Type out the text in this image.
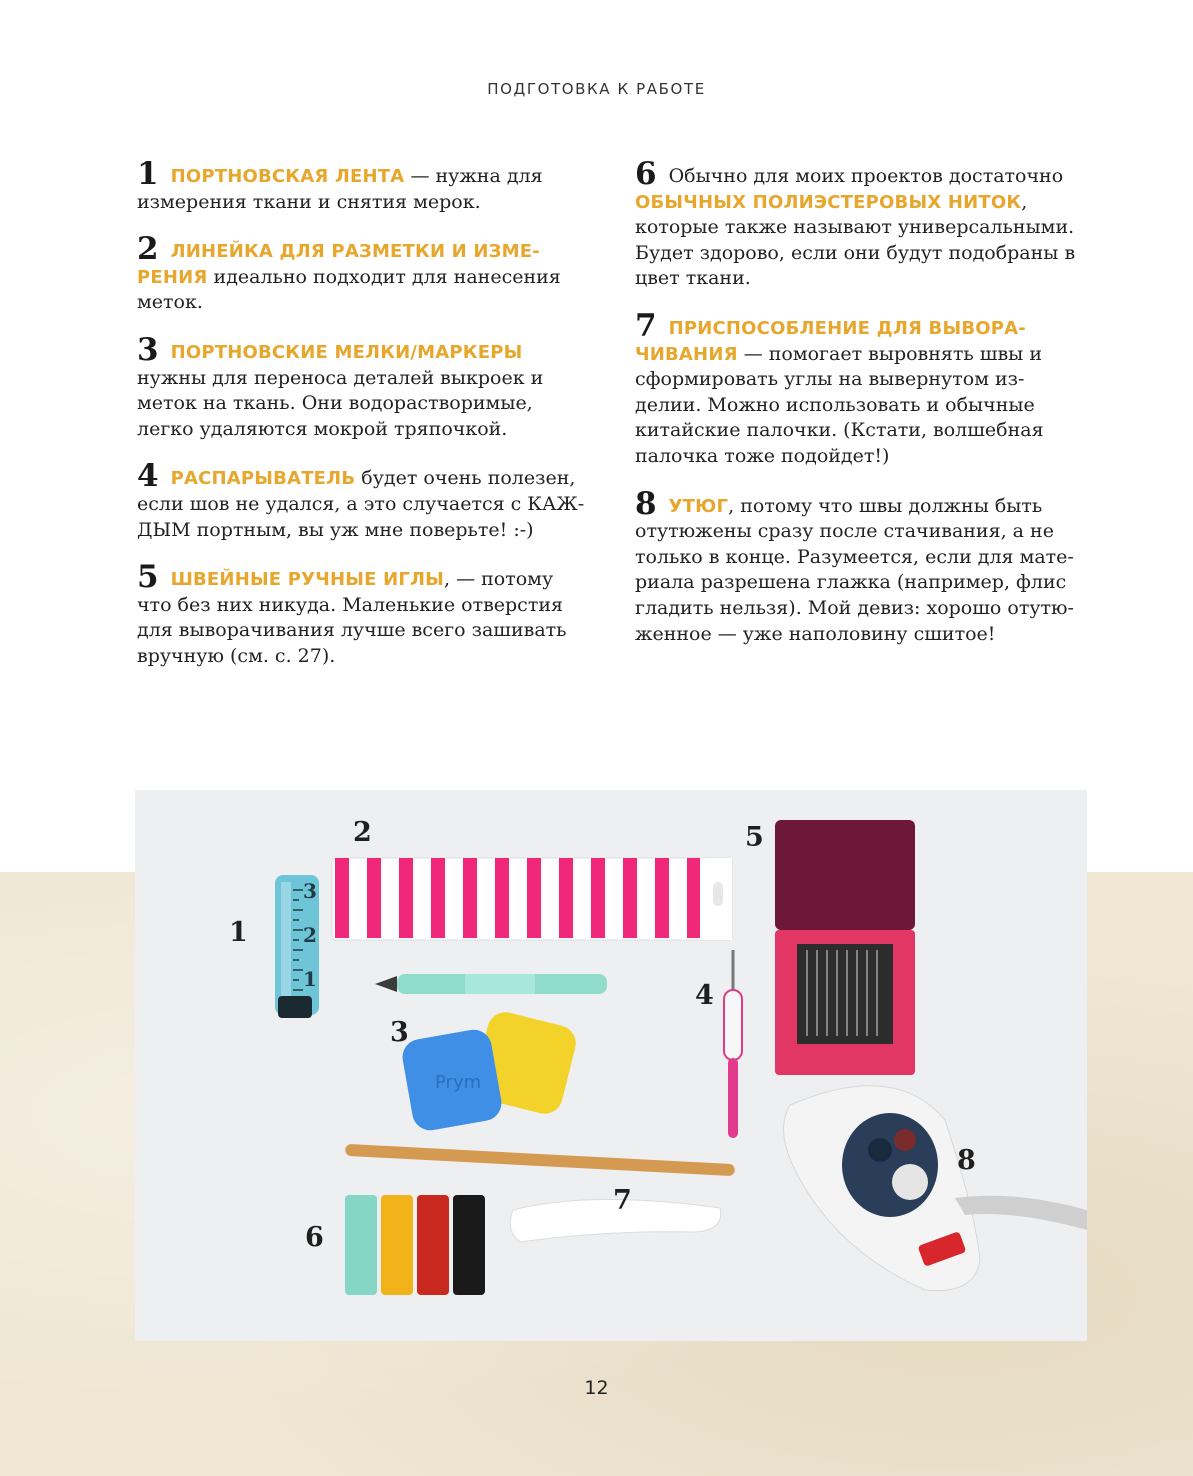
ПОДГОТОВКА К РАБОТЕ

1 ПОРТНОВСКАЯ ЛЕНТА — нужна для измерения ткани и снятия мерок.

2 ЛИНЕЙКА ДЛЯ РАЗМЕТКИ И ИЗМЕ-РЕНИЯ идеально подходит для нанесения меток.

3 ПОРТНОВСКИЕ МЕЛКИ/МАРКЕРЫ нужны для переноса деталей выкроек и меток на ткань. Они водорастворимые, легко удаляются мокрой тряпочкой.

4 РАСПАРЫВАТЕЛЬ будет очень полезен, если шов не удался, а это случается с КАЖ-ДЫМ портным, вы уж мне поверьте! :-)

5 ШВЕЙНЫЕ РУЧНЫЕ ИГЛЫ, — потому что без них никуда. Маленькие отверстия для выворачивания лучше всего зашивать вручную (см. с. 27).

6 Обычно для моих проектов достаточно ОБЫЧНЫХ ПОЛИЭСТЕРОВЫХ НИТОК, которые также называют универсальными. Будет здорово, если они будут подобраны в цвет ткани.

7 ПРИСПОСОБЛЕНИЕ ДЛЯ ВЫВОРА-ЧИВАНИЯ — помогает выровнять швы и сформировать углы на вывернутом из-делии. Можно использовать и обычные китайские палочки. (Кстати, волшебная палочка тоже подойдет!)

8 УТЮГ, потому что швы должны быть отутюжены сразу после стачивания, а не только в конце. Разумеется, если для мате-риала разрешена глажка (например, флис гладить нельзя). Мой девиз: хорошо отутю-женное — уже наполовину сшитое!

3
2
1
Prym
1
2
3
4
5
6
7
8
12
